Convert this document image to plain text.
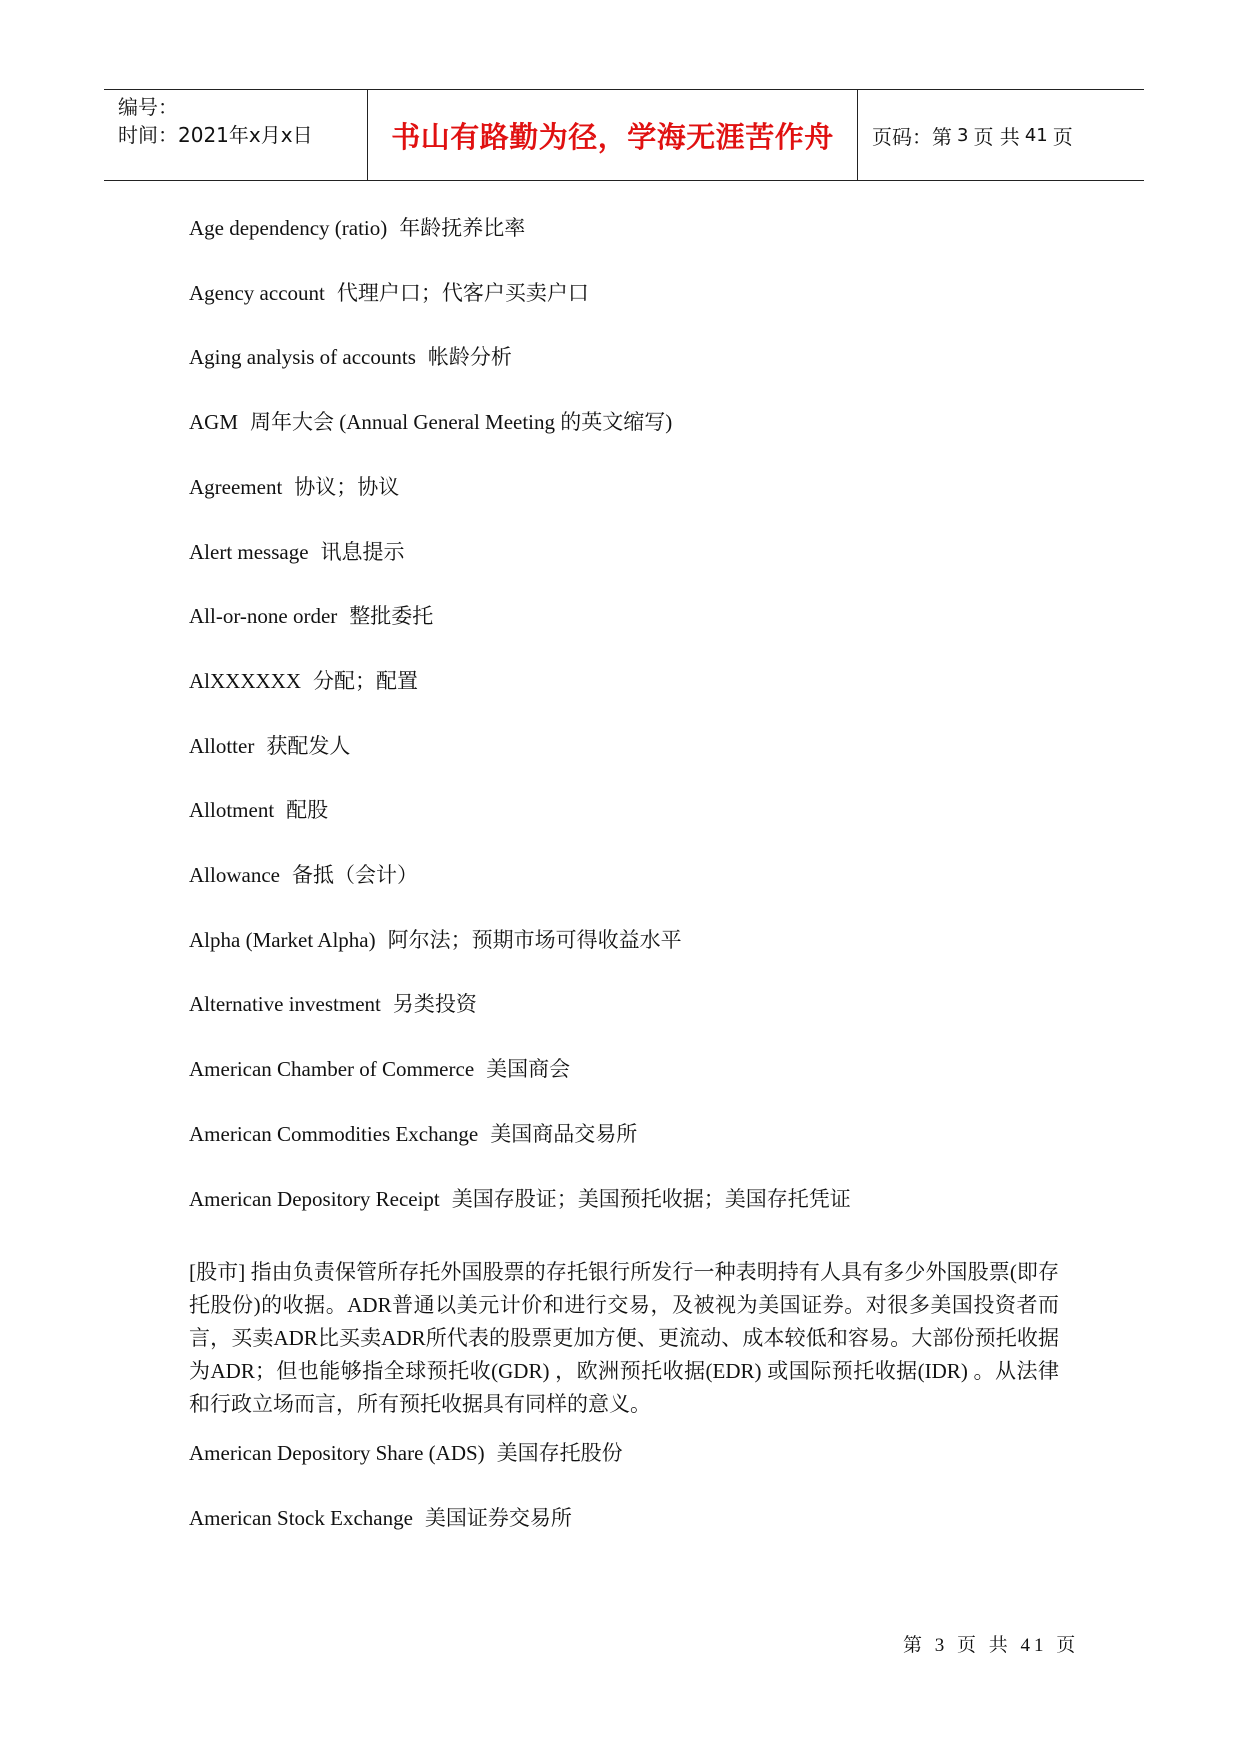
编号：
时间：2021年x月x日	书山有路勤为径，学海无涯苦作舟 页码：第 3 页 共 41 页
Age dependency (ratio) 年龄抚养比率
Agency account 代理户口；代客户买卖户口
Aging analysis of accounts 帐龄分析
AGM 周年大会 (Annual General Meeting 的英文缩写)
Agreement 协议；协议
Alert message 讯息提示
All-or-none order 整批委托
AlXXXXXX 分配；配置
Allotter 获配发人
Allotment 配股
Allowance 备抵（会计）
Alpha (Market Alpha) 阿尔法；预期市场可得收益水平
Alternative investment 另类投资
American Chamber of Commerce 美国商会
American Commodities Exchange 美国商品交易所
American Depository Receipt 美国存股证；美国预托收据；美国存托凭证
[股市] 指由负责保管所存托外国股票的存托银行所发行一种表明持有人具有多少外国股票(即存托股份)的收据。ADR普通以美元计价和进行交易，及被视为美国证券。对很多美国投资者而言，买卖ADR比买卖ADR所代表的股票更加方便、更流动、成本较低和容易。大部份预托收据为ADR；但也能够指全球预托收(GDR) ，欧洲预托收据(EDR) 或国际预托收据(IDR) 。从法律和行政立场而言，所有预托收据具有同样的意义。
American Depository Share (ADS) 美国存托股份
American Stock Exchange 美国证券交易所
第 3 页 共 41 页
